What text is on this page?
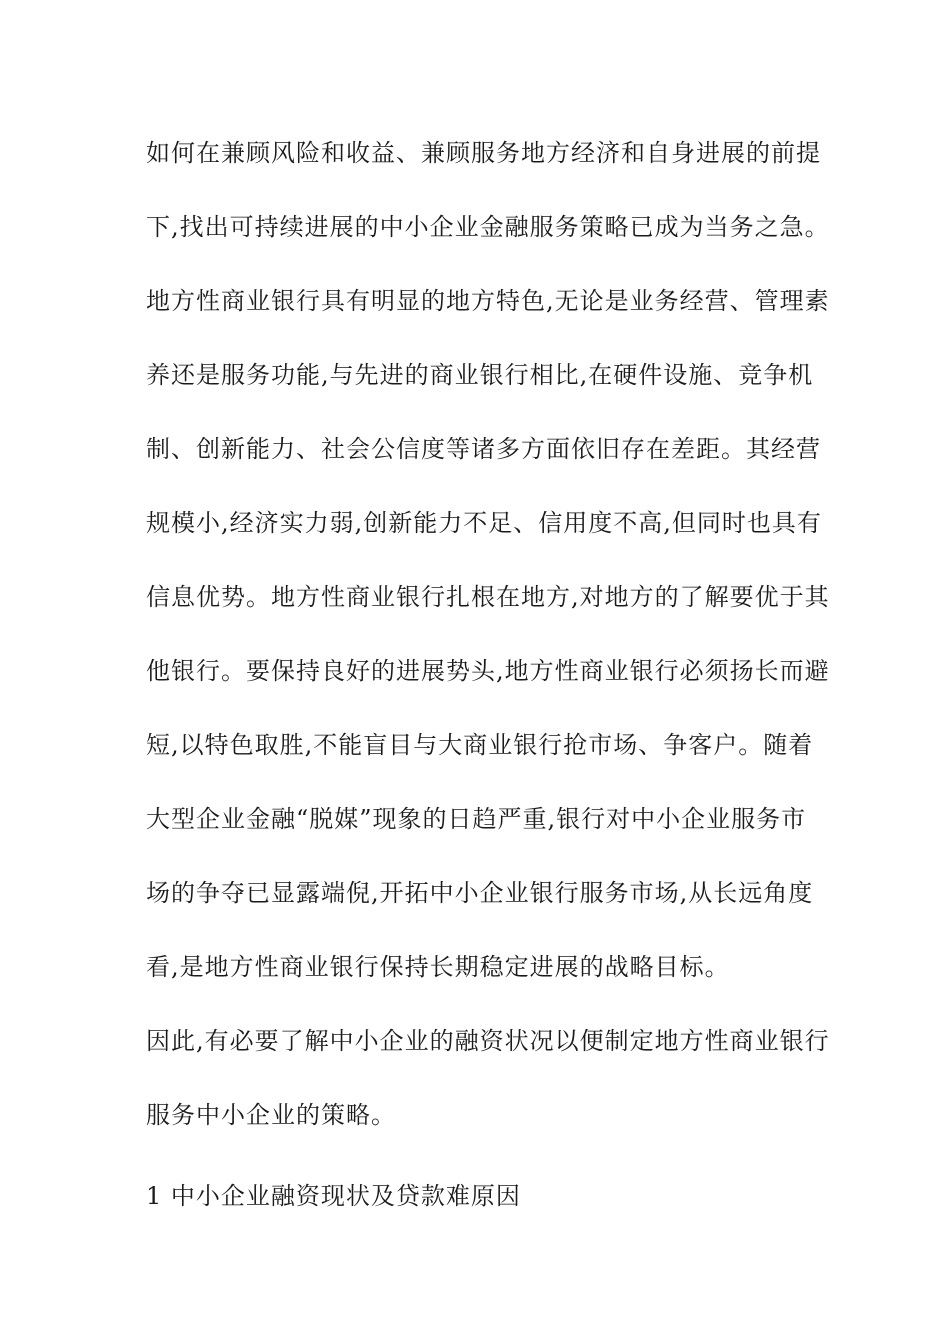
如何在兼顾风险和收益、兼顾服务地方经济和自身进展的前提
下,找出可持续进展的中小企业金融服务策略已成为当务之急。
地方性商业银行具有明显的地方特色,无论是业务经营、管理素
养还是服务功能,与先进的商业银行相比,在硬件设施、竞争机
制、创新能力、社会公信度等诸多方面依旧存在差距。其经营
规模小,经济实力弱,创新能力不足、信用度不高,但同时也具有
信息优势。地方性商业银行扎根在地方,对地方的了解要优于其
他银行。要保持良好的进展势头,地方性商业银行必须扬长而避
短,以特色取胜,不能盲目与大商业银行抢市场、争客户。随着
大型企业金融“脱媒”现象的日趋严重,银行对中小企业服务市
场的争夺已显露端倪,开拓中小企业银行服务市场,从长远角度
看,是地方性商业银行保持长期稳定进展的战略目标。
因此,有必要了解中小企业的融资状况以便制定地方性商业银行
服务中小企业的策略。
1 中小企业融资现状及贷款难原因
